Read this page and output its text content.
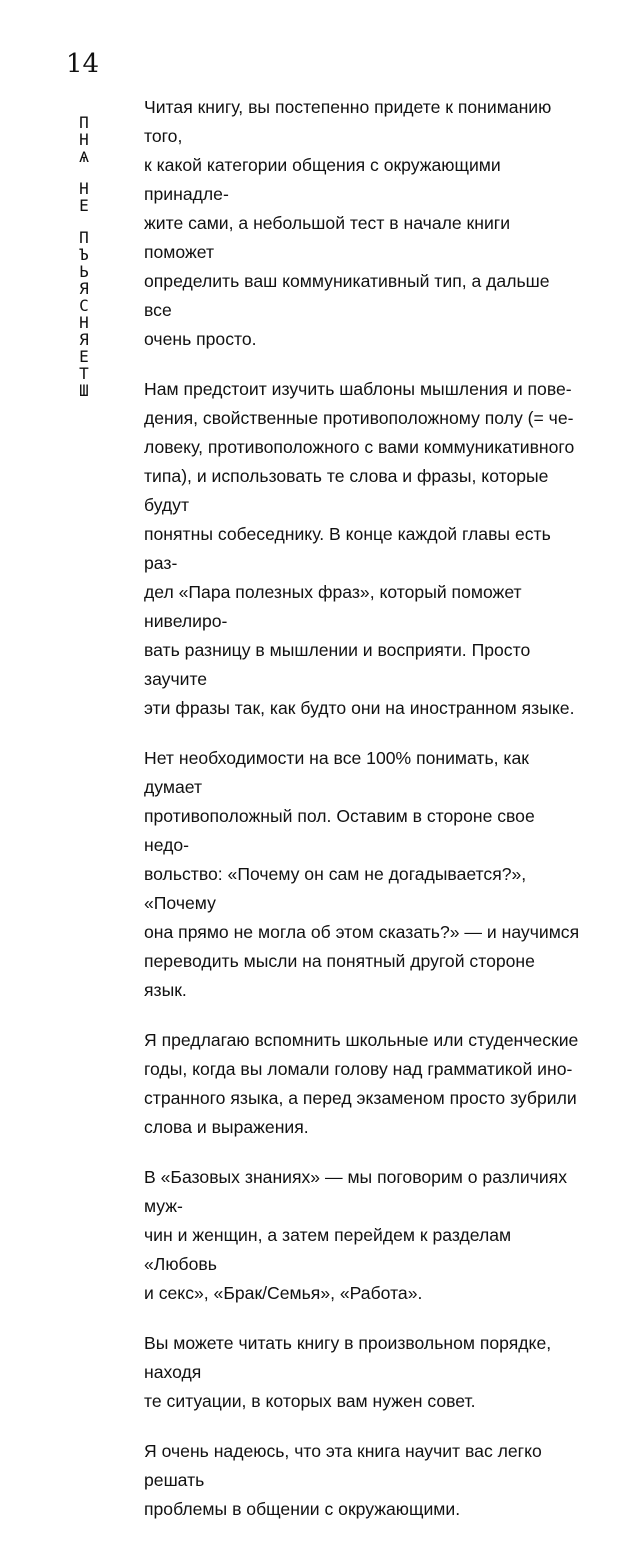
14
П
Н
Ѧ
Н
Е
П
Ъ
Ь
Я
С
Н
Я
Е
Т
Ш

Читая книгу, вы постепенно придете к пониманию того,
к какой категории общения с окружающими принадле-
жите сами, а небольшой тест в начале книги поможет
определить ваш коммуникативный тип, а дальше все
очень просто.

Нам предстоит изучить шаблоны мышления и пове-
дения, свойственные противоположному полу (= че-
ловеку, противоположного с вами коммуникативного
типа), и использовать те слова и фразы, которые будут
понятны собеседнику. В конце каждой главы есть раз-
дел «Пара полезных фраз», который поможет нивелиро-
вать разницу в мышлении и восприяти. Просто заучите
эти фразы так, как будто они на иностранном языке.

Нет необходимости на все 100% понимать, как думает
противоположный пол. Оставим в стороне свое недо-
вольство: «Почему он сам не догадывается?», «Почему
она прямо не могла об этом сказать?» — и научимся
переводить мысли на понятный другой стороне язык.

Я предлагаю вспомнить школьные или студенческие
годы, когда вы ломали голову над грамматикой ино-
странного языка, а перед экзаменом просто зубрили
слова и выражения.

В «Базовых знаниях» — мы поговорим о различиях муж-
чин и женщин, а затем перейдем к разделам «Любовь
и секс», «Брак/Семья», «Работа».

Вы можете читать книгу в произвольном порядке, находя
те ситуации, в которых вам нужен совет.

Я очень надеюсь, что эта книга научит вас легко решать
проблемы в общении с окружающими.
